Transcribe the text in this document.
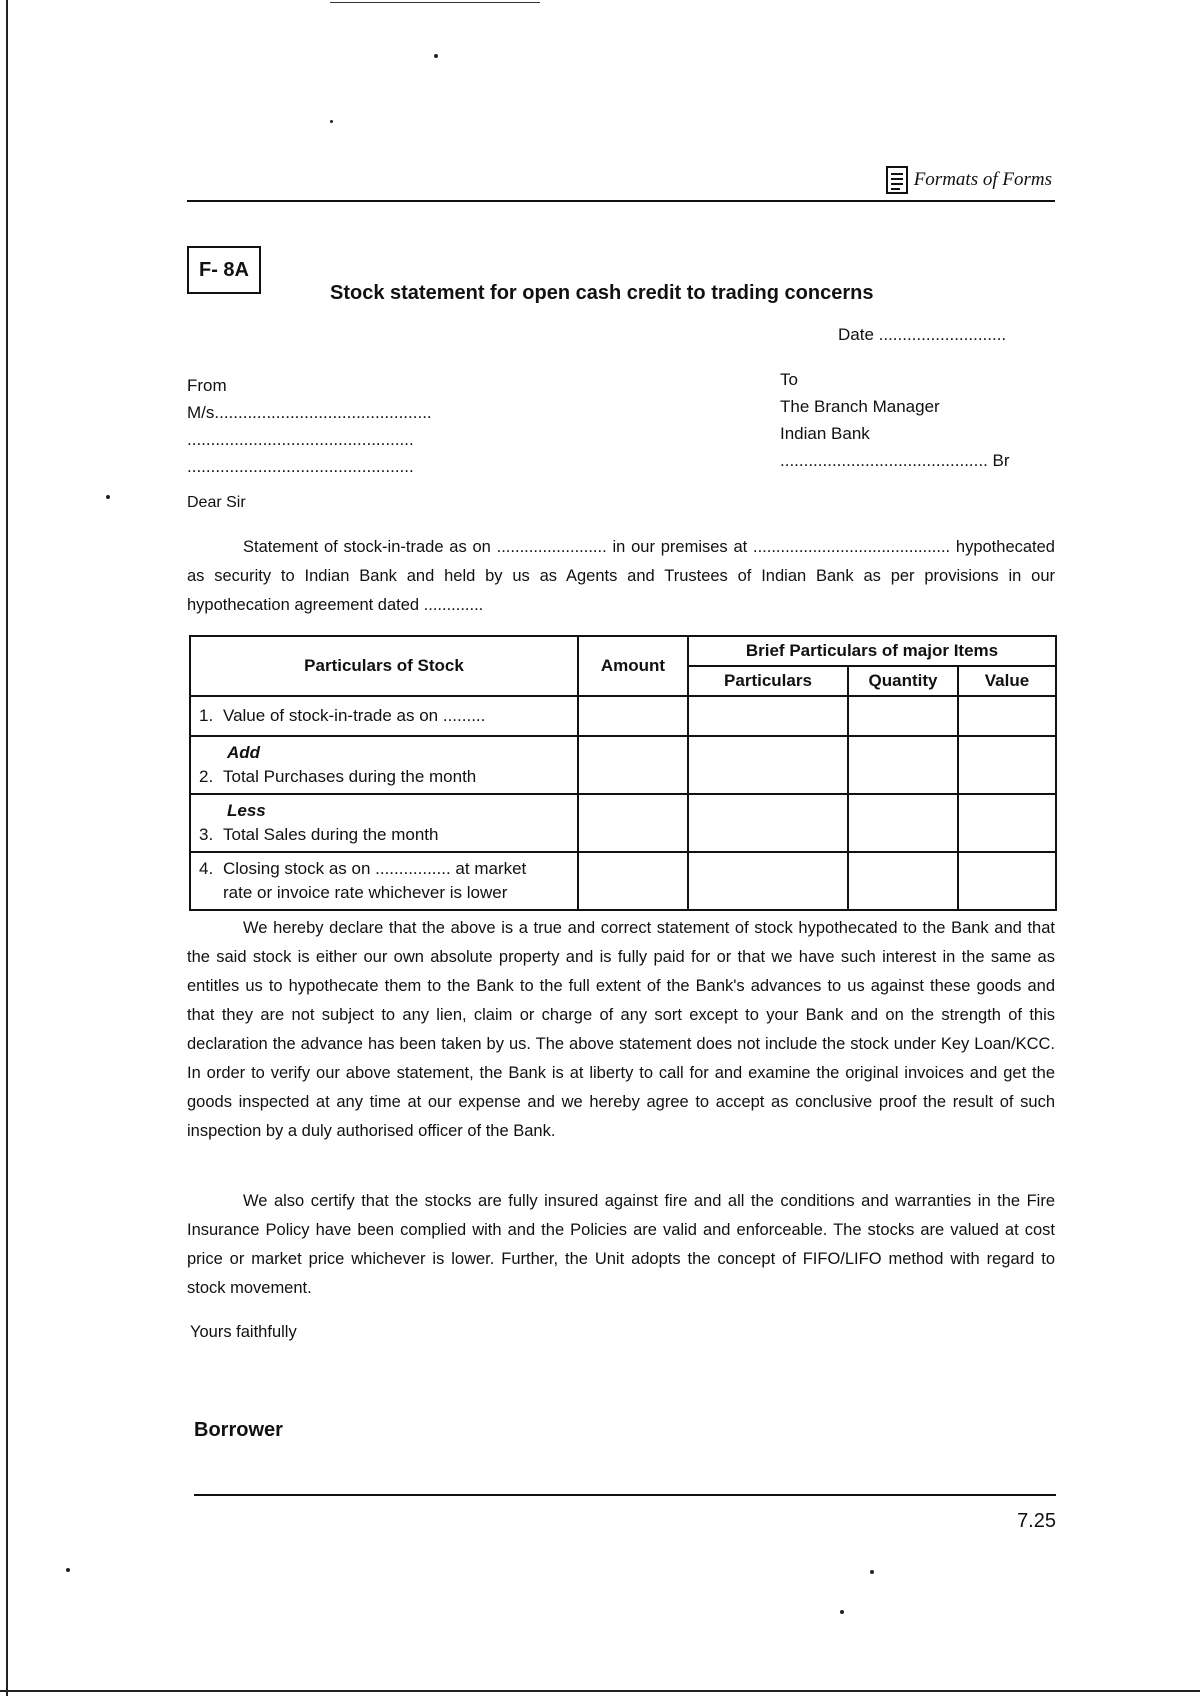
Formats of Forms
F- 8A
Stock statement for open cash credit to trading concerns
Date ...........................
From
M/s..............................................
................................................
................................................
To
The Branch Manager
Indian Bank
............................................ Br
Dear Sir
Statement of stock-in-trade as on ........................ in our premises at ........................................... hypothecated as security to Indian Bank and held by us as Agents and Trustees of Indian Bank as per provisions in our hypothecation agreement dated .............
Particulars of Stock	Amount	Brief Particulars of major Items		
		Particulars	Quantity	Value
1. Value of stock-in-trade as on .........				

Add
2. Total Purchases during the month				

Less
3. Total Sales during the month				
4. Closing stock as on ................ at market
rate or invoice rate whichever is lower				

We hereby declare that the above is a true and correct statement of stock hypothecated to the Bank and that the said stock is either our own absolute property and is fully paid for or that we have such interest in the same as entitles us to hypothecate them to the Bank to the full extent of the Bank's advances to us against these goods and that they are not subject to any lien, claim or charge of any sort except to your Bank and on the strength of this declaration the advance has been taken by us. The above statement does not include the stock under Key Loan/KCC. In order to verify our above statement, the Bank is at liberty to call for and examine the original invoices and get the goods inspected at any time at our expense and we hereby agree to accept as conclusive proof the result of such inspection by a duly authorised officer of the Bank.
We also certify that the stocks are fully insured against fire and all the conditions and warranties in the Fire Insurance Policy have been complied with and the Policies are valid and enforceable. The stocks are valued at cost price or market price whichever is lower. Further, the Unit adopts the concept of FIFO/LIFO method with regard to stock movement.
Yours faithfully
Borrower
7.25
